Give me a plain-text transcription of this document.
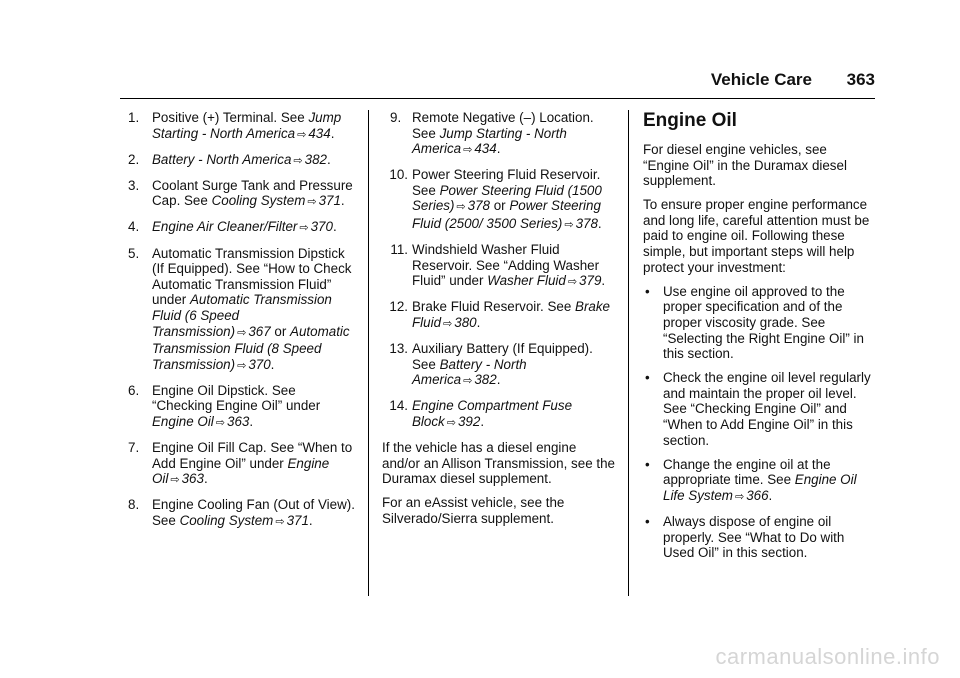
Vehicle Care 363
1. Positive (+) Terminal. See Jump Starting - North America ⇨ 434.
2. Battery - North America ⇨ 382.
3. Coolant Surge Tank and Pressure Cap. See Cooling System ⇨ 371.
4. Engine Air Cleaner/Filter ⇨ 370.
5. Automatic Transmission Dipstick (If Equipped). See “How to Check Automatic Transmission Fluid” under Automatic Transmission Fluid (6 Speed Transmission) ⇨ 367 or Automatic Transmission Fluid (8 Speed Transmission) ⇨ 370.
6. Engine Oil Dipstick. See “Checking Engine Oil” under Engine Oil ⇨ 363.
7. Engine Oil Fill Cap. See “When to Add Engine Oil” under Engine Oil ⇨ 363.
8. Engine Cooling Fan (Out of View). See Cooling System ⇨ 371.
9. Remote Negative (–) Location. See Jump Starting - North America ⇨ 434.
10. Power Steering Fluid Reservoir. See Power Steering Fluid (1500 Series) ⇨ 378 or Power Steering Fluid (2500/ 3500 Series) ⇨ 378.
11. Windshield Washer Fluid Reservoir. See “Adding Washer Fluid” under Washer Fluid ⇨ 379.
12. Brake Fluid Reservoir. See Brake Fluid ⇨ 380.
13. Auxiliary Battery (If Equipped). See Battery - North America ⇨ 382.
14. Engine Compartment Fuse Block ⇨ 392.

If the vehicle has a diesel engine and/or an Allison Transmission, see the Duramax diesel supplement.

For an eAssist vehicle, see the Silverado/Sierra supplement.

Engine Oil

For diesel engine vehicles, see “Engine Oil” in the Duramax diesel supplement.

To ensure proper engine performance and long life, careful attention must be paid to engine oil. Following these simple, but important steps will help protect your investment:

• Use engine oil approved to the proper specification and of the proper viscosity grade. See “Selecting the Right Engine Oil” in this section.
• Check the engine oil level regularly and maintain the proper oil level. See “Checking Engine Oil” and “When to Add Engine Oil” in this section.
• Change the engine oil at the appropriate time. See Engine Oil Life System ⇨ 366.
• Always dispose of engine oil properly. See “What to Do with Used Oil” in this section.
carmanualsonline.info
